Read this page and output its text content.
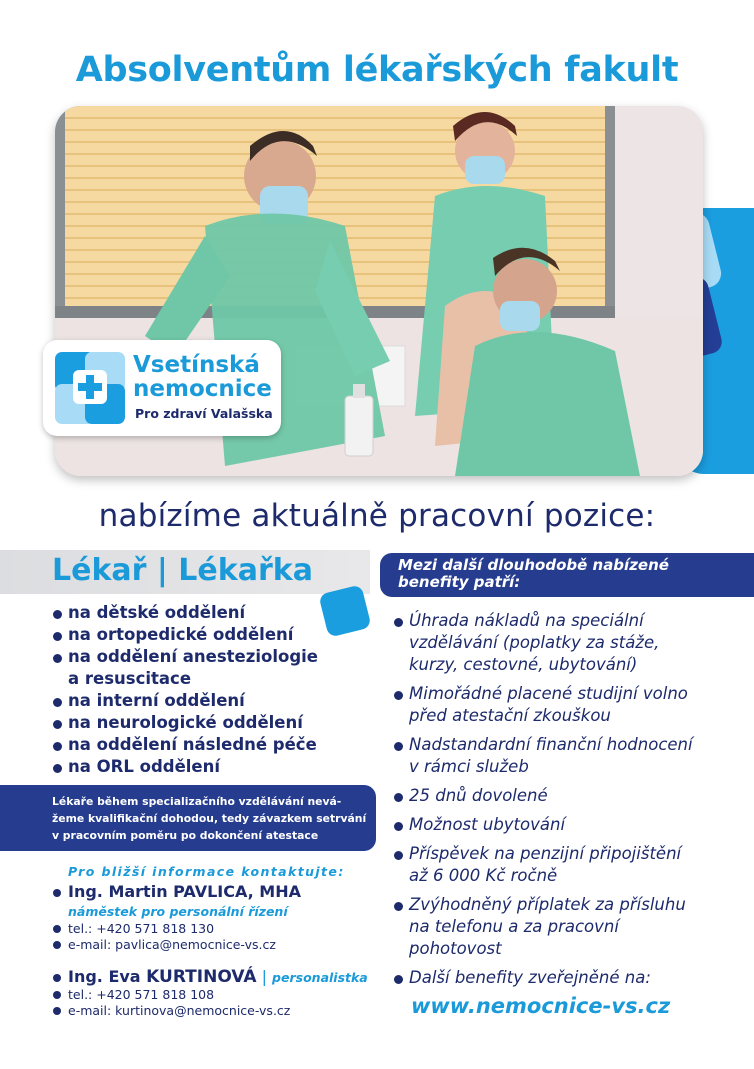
Absolventům lékařských fakult
Vsetínská
nemocnice
Pro zdraví Valašska
nabízíme aktuálně pracovní pozice:
Lékař | Lékařka
na dětské oddělení
na ortopedické oddělení
na oddělení anesteziologie
a resuscitace
na interní oddělení
na neurologické oddělení
na oddělení následné péče
na ORL oddělení

Lékaře během specializačního vzdělávání nevá-

žeme kvalifikační dohodou, tedy závazkem setrvání

v pracovním poměru po dokončení atestace

Pro bližší informace kontaktujte:
Ing. Martin PAVLICA, MHA
náměstek pro personální řízení
tel.: +420 571 818 130
e-mail: pavlica@nemocnice-vs.cz
Ing. Eva KURTINOVÁ | personalistka
tel.: +420 571 818 108
e-mail: kurtinova@nemocnice-vs.cz

Mezi další dlouhodobě nabízené

benefity patří:

Úhrada nákladů na speciální
vzdělávání (poplatky za stáže,
kurzy, cestovné, ubytování)
Mimořádné placené studijní volno
před atestační zkouškou
Nadstandardní finanční hodnocení
v rámci služeb
25 dnů dovolené
Možnost ubytování
Příspěvek na penzijní připojištění
až 6 000 Kč ročně
Zvýhodněný příplatek za přísluhu
na telefonu a za pracovní
pohotovost
Další benefity zveřejněné na:
www.nemocnice-vs.cz
